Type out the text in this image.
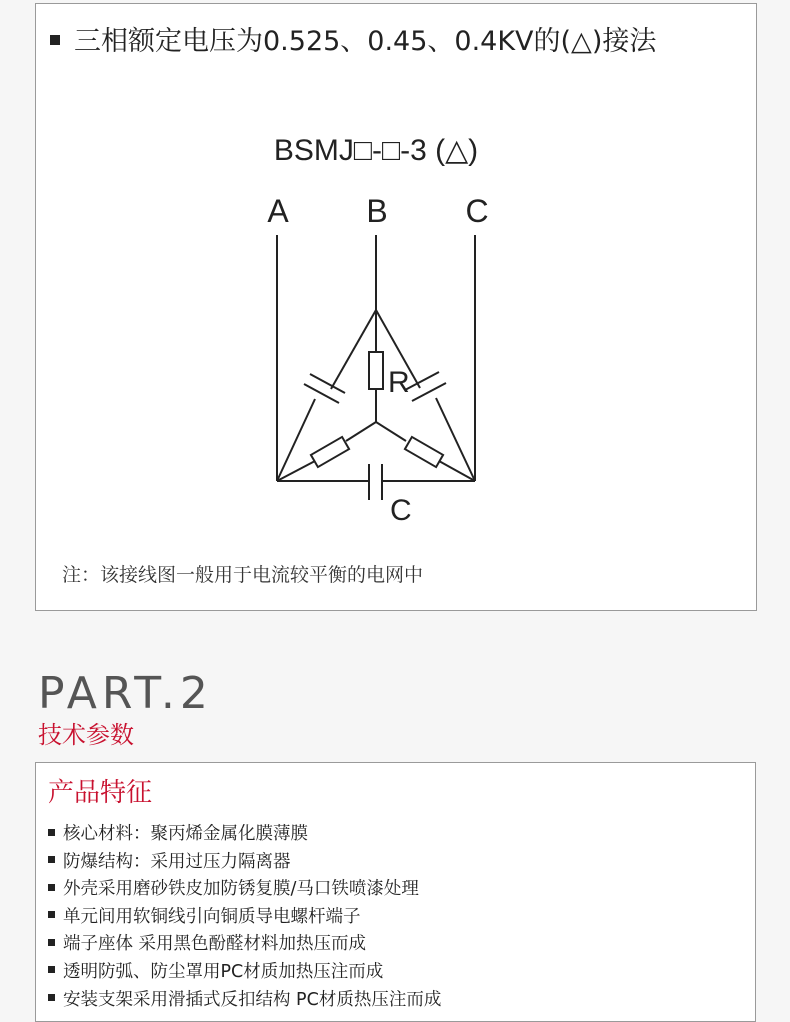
三相额定电压为0.525、0.45、0.4KV的(△)接法
BSMJ□-□-3 (△)
A B C
R
C
注：该接线图一般用于电流较平衡的电网中
PART.2
技术参数
产品特征
核心材料：聚丙烯金属化膜薄膜
防爆结构：采用过压力隔离器
外壳采用磨砂铁皮加防锈复膜/马口铁喷漆处理
单元间用软铜线引向铜质导电螺杆端子
端子座体 采用黑色酚醛材料加热压而成
透明防弧、防尘罩用PC材质加热压注而成
安装支架采用滑插式反扣结构 PC材质热压注而成
